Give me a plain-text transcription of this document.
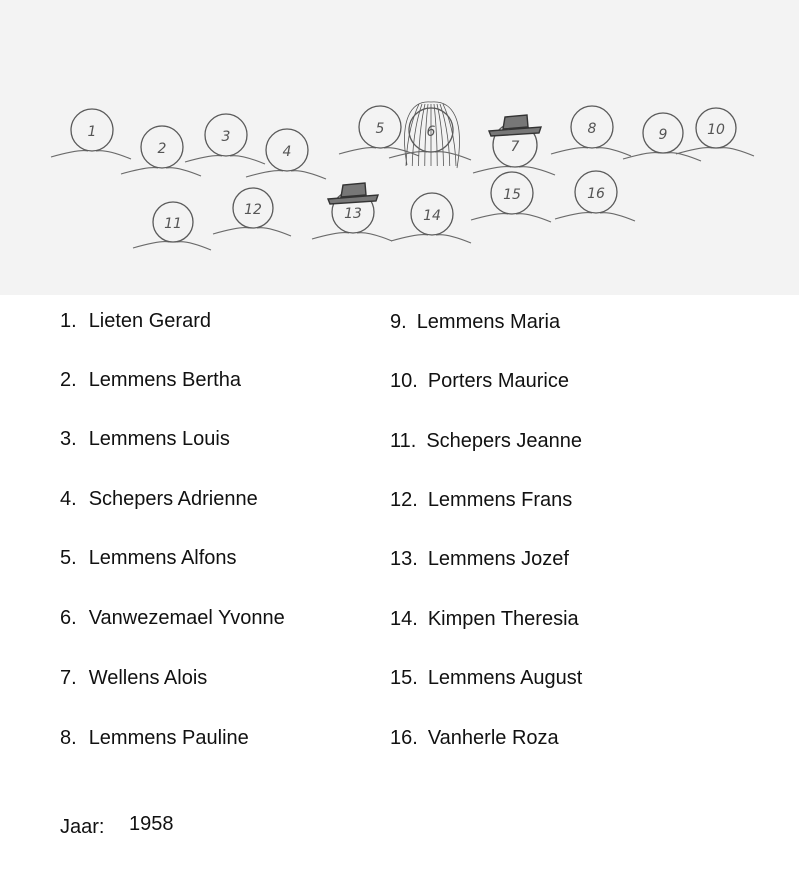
1
2
3
4
5	6
7
8	9	10
11
12	13	14
15	16
1. Lieten Gerard
2. Lemmens Bertha
3. Lemmens Louis
4. Schepers Adrienne
5. Lemmens Alfons
6. Vanwezemael Yvonne
7. Wellens Alois
8. Lemmens Pauline
9. Lemmens Maria
10. Porters Maurice
11. Schepers Jeanne
12. Lemmens Frans
13. Lemmens Jozef
14. Kimpen Theresia
15. Lemmens August
16. Vanherle Roza
Jaar: 1958
